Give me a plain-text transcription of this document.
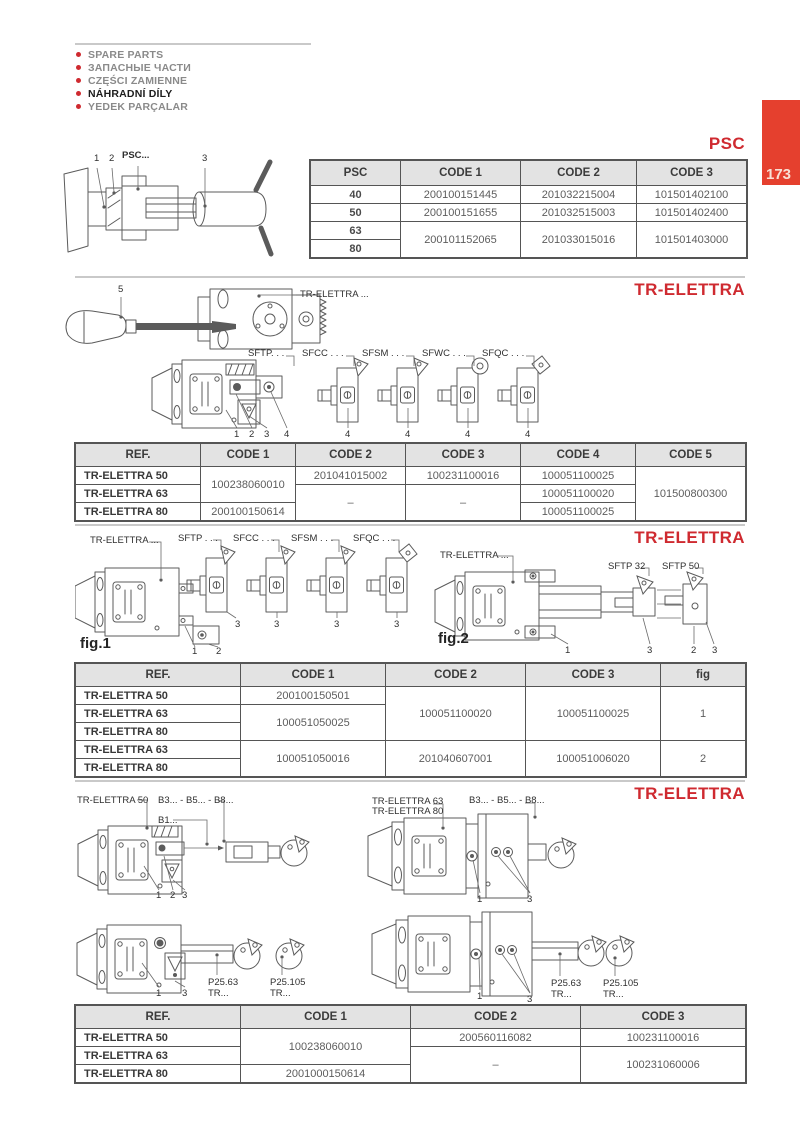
SPARE PARTS
ЗАПАСНЫЕ ЧАСТИ
CZĘŚCI ZAMIENNE
NÁHRADNÍ DÍLY
YEDEK PARÇALAR
173
PSC
1 2 PSC...	3
PSC	CODE 1	CODE 2	CODE 3
40	200100151445	201032215004	101501402100
50	200100151655	201032515003	101501402400
63	200101152065	201033015016	101501403000
80			
TR-ELETTRA
5	TR-ELETTRA ...
SFTP. . . SFCC . . . SFSM . . . SFWC . . . SFQC . . .
1 2 3 4	4	4	4	4
REF.	CODE 1	CODE 2	CODE 3	CODE 4	CODE 5
TR-ELETTRA 50	100238060010	201041015002	100231100016	100051100025	101500800300
TR-ELETTRA 63		–	–	100051100020	
TR-ELETTRA 80	200100150614			100051100025	
TR-ELETTRA
TR-ELETTRA ... SFTP . . . SFCC . . . SFSM . . . SFQC . . .
3	3	3	3
1 2
fig.1
TR-ELETTRA ...
SFTP 32 SFTP 50
1	3	2 3
fig.2
REF.	CODE 1	CODE 2	CODE 3	fig
TR-ELETTRA 50	200100150501	100051100020	100051100025	1
TR-ELETTRA 63	100051050025			
TR-ELETTRA 80				
TR-ELETTRA 63	100051050016	201040607001	100051006020	2
TR-ELETTRA 80				
TR-ELETTRA
TR-ELETTRA 50 B3... - B5... - B8...
B1...
1 2 3
TR-ELETTRA 63
TR-ELETTRA 80
B3... - B5... - B8...
1	3
1 3
P25.63
TR...
P25.105
TR...	1	3
P25.63
TR...
P25.105
TR...
REF.	CODE 1	CODE 2	CODE 3
TR-ELETTRA 50	100238060010	200560116082	100231100016
TR-ELETTRA 63		–	100231060006
TR-ELETTRA 80	2001000150614		
